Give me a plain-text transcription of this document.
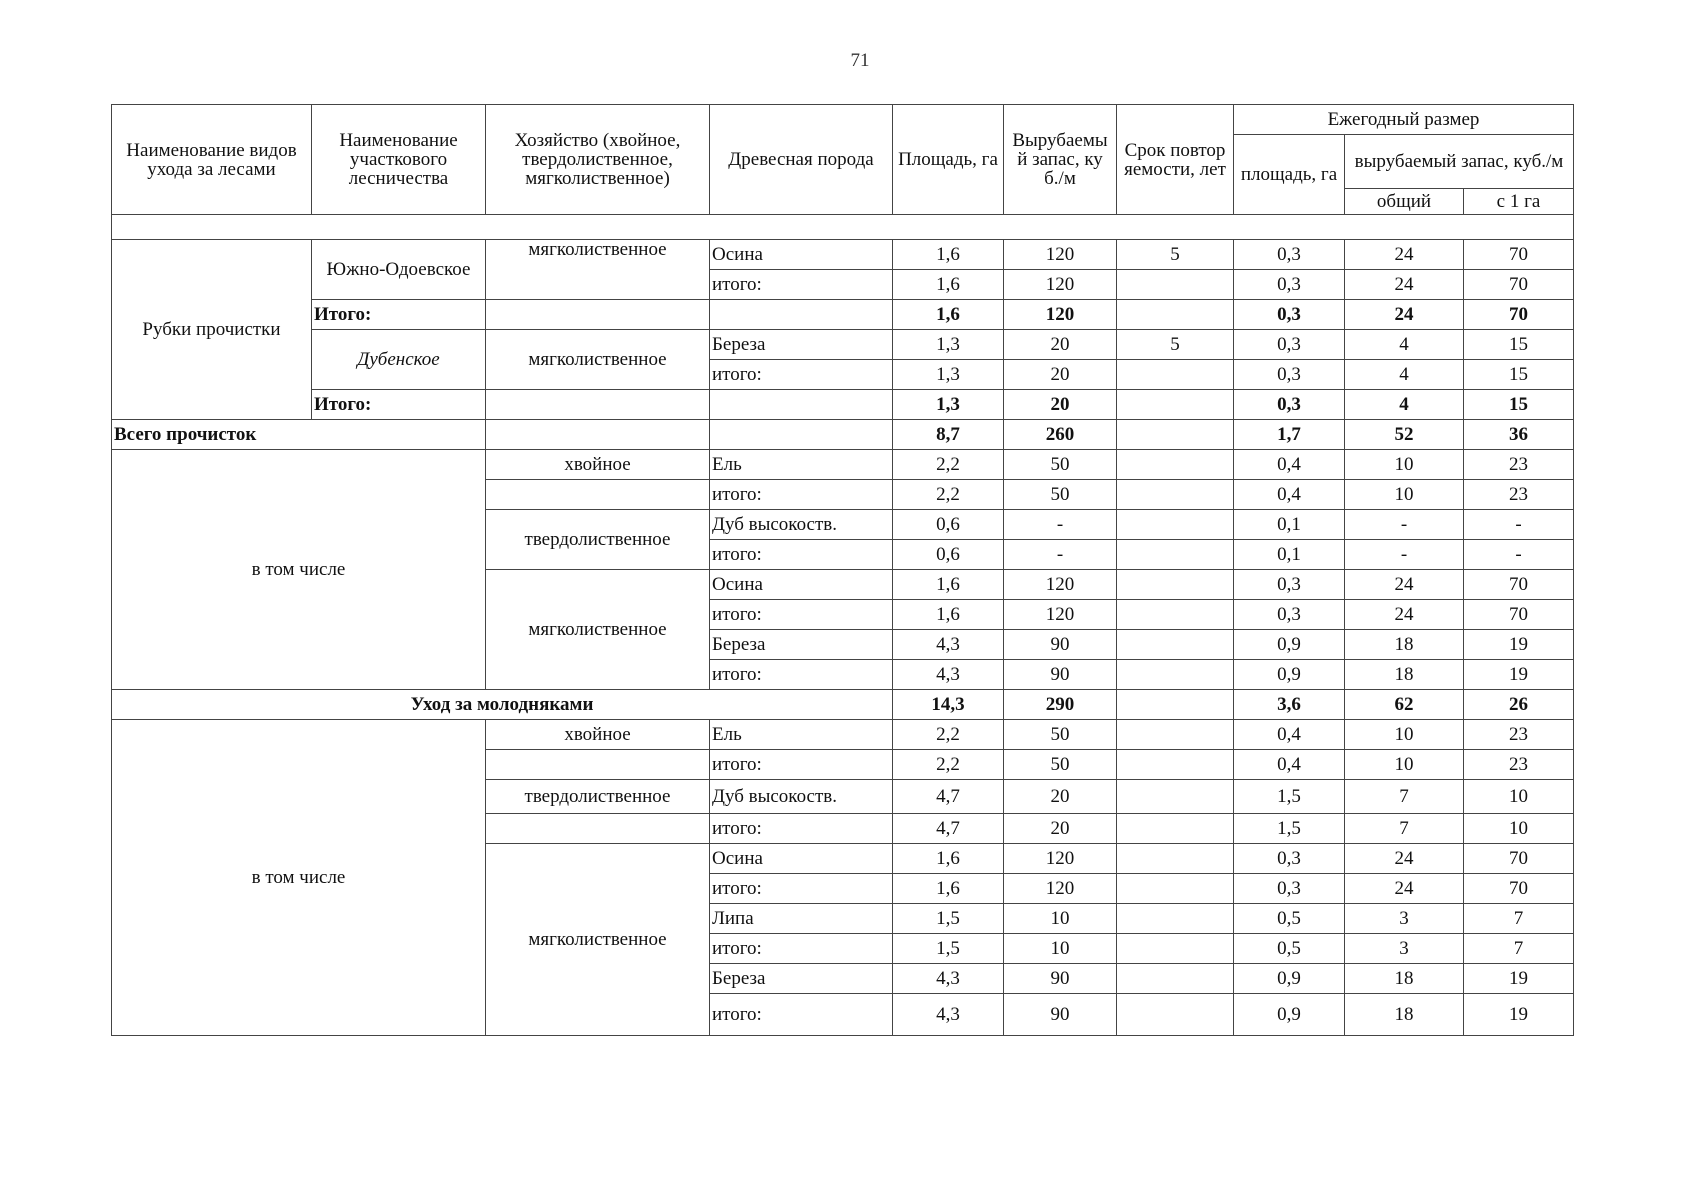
71
Наименование видов ухода за лесами	Наименование участкового лесничества	Хозяйство (хвойное, твердолиственное, мягколиственное)	Древесная порода	Площадь, га	Вырубаемый запас, куб./м	Срок повторяемости, лет	Ежегодный размер		
							площадь, га	вырубаемый запас, куб./м	
								общий	с 1 га

Рубки прочистки	Южно-Одоевское	мягколиственное	Осина	1,6	120	5	0,3	24	70
			итого:	1,6	120		0,3	24	70
	Итого:			1,6	120		0,3	24	70
	Дубенское	мягколиственное	Береза	1,3	20	5	0,3	4	15
			итого:	1,3	20		0,3	4	15
	Итого:			1,3	20		0,3	4	15
Всего прочисток				8,7	260		1,7	52	36
в том числе		хвойное	Ель	2,2	50		0,4	10	23
			итого:	2,2	50		0,4	10	23
		твердолиственное	Дуб высокоств.	0,6	-		0,1	-	-
			итого:	0,6	-		0,1	-	-
		мягколиственное	Осина	1,6	120		0,3	24	70
			итого:	1,6	120		0,3	24	70
			Береза	4,3	90		0,9	18	19
			итого:	4,3	90		0,9	18	19
Уход за молодняками				14,3	290		3,6	62	26
в том числе		хвойное	Ель	2,2	50		0,4	10	23
			итого:	2,2	50		0,4	10	23
		твердолиственное	Дуб высокоств.	4,7	20		1,5	7	10
			итого:	4,7	20		1,5	7	10
		мягколиственное	Осина	1,6	120		0,3	24	70
			итого:	1,6	120		0,3	24	70
			Липа	1,5	10		0,5	3	7
			итого:	1,5	10		0,5	3	7
			Береза	4,3	90		0,9	18	19
			итого:	4,3	90		0,9	18	19
